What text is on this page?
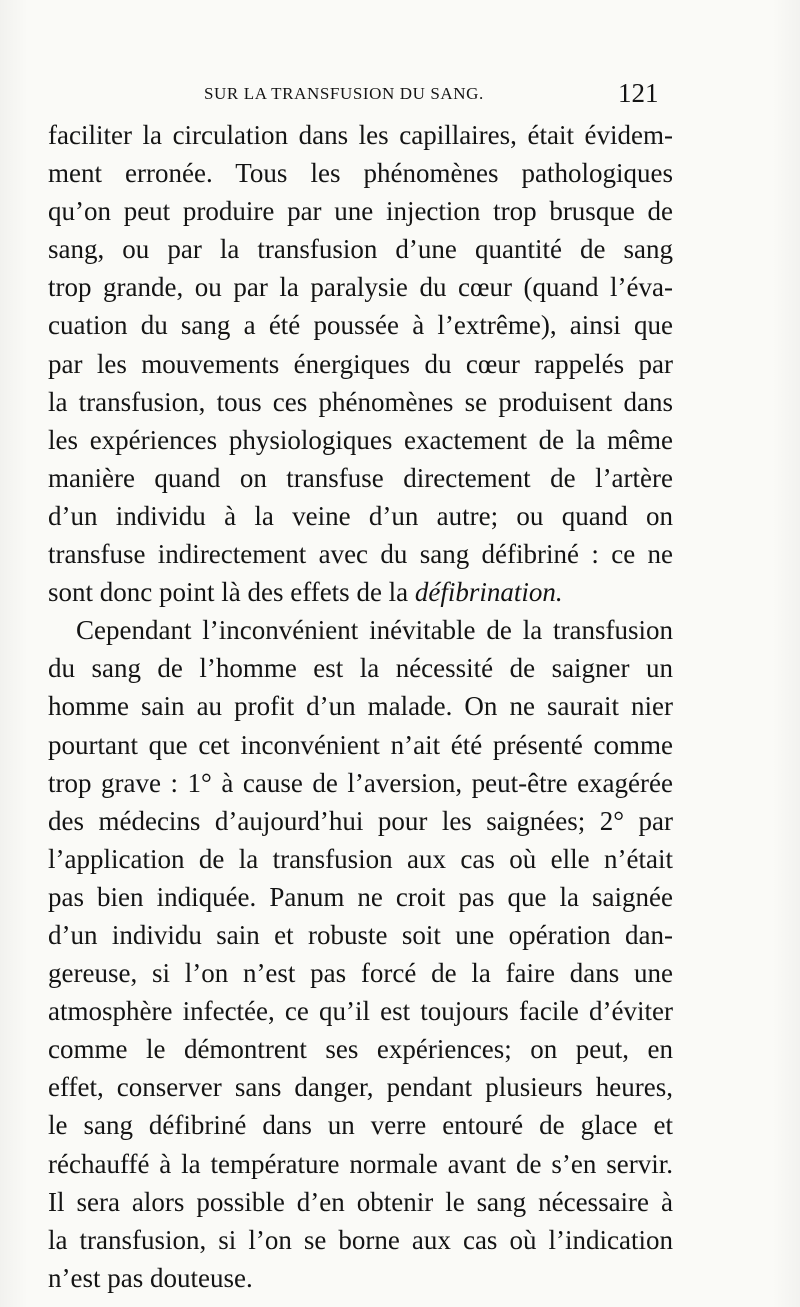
SUR LA TRANSFUSION DU SANG.	121

faciliter la circulation dans les capillaires, était évidem-
ment erronée. Tous les phénomènes pathologiques
qu’on peut produire par une injection trop brusque de
sang, ou par la transfusion d’une quantité de sang
trop grande, ou par la paralysie du cœur (quand l’éva-
cuation du sang a été poussée à l’extrême), ainsi que
par les mouvements énergiques du cœur rappelés par
la transfusion, tous ces phénomènes se produisent dans
les expériences physiologiques exactement de la même
manière quand on transfuse directement de l’artère
d’un individu à la veine d’un autre; ou quand on
transfuse indirectement avec du sang défibriné : ce ne
sont donc point là des effets de la défibrination.

Cependant l’inconvénient inévitable de la transfusion
du sang de l’homme est la nécessité de saigner un
homme sain au profit d’un malade. On ne saurait nier
pourtant que cet inconvénient n’ait été présenté comme
trop grave : 1° à cause de l’aversion, peut-être exagérée
des médecins d’aujourd’hui pour les saignées; 2° par
l’application de la transfusion aux cas où elle n’était
pas bien indiquée. Panum ne croit pas que la saignée
d’un individu sain et robuste soit une opération dan-
gereuse, si l’on n’est pas forcé de la faire dans une
atmosphère infectée, ce qu’il est toujours facile d’éviter
comme le démontrent ses expériences; on peut, en
effet, conserver sans danger, pendant plusieurs heures,
le sang défibriné dans un verre entouré de glace et
réchauffé à la température normale avant de s’en servir.
Il sera alors possible d’en obtenir le sang nécessaire à
la transfusion, si l’on se borne aux cas où l’indication
n’est pas douteuse.
